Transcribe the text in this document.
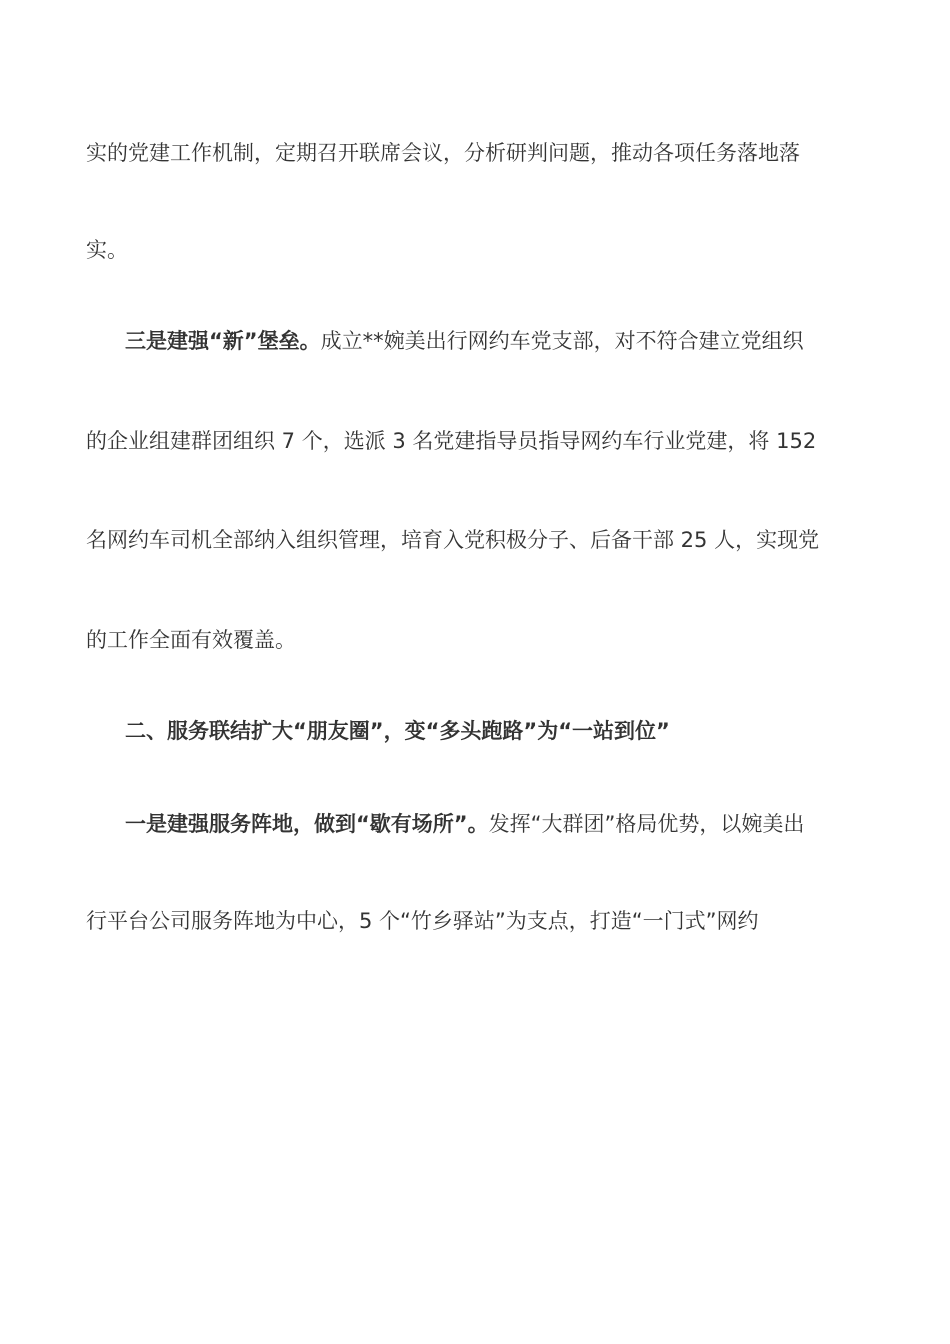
实的党建工作机制，定期召开联席会议，分析研判问题，推动各项任务落地落
实。
三是建强“新”堡垒。成立**婉美出行网约车党支部，对不符合建立党组织
的企业组建群团组织 7 个，选派 3 名党建指导员指导网约车行业党建，将 152
名网约车司机全部纳入组织管理，培育入党积极分子、后备干部 25 人，实现党
的工作全面有效覆盖。
二、服务联结扩大“朋友圈”，变“多头跑路”为“一站到位”
一是建强服务阵地，做到“歇有场所”。发挥“大群团”格局优势，以婉美出
行平台公司服务阵地为中心，5 个“竹乡驿站”为支点，打造“一门式”网约
